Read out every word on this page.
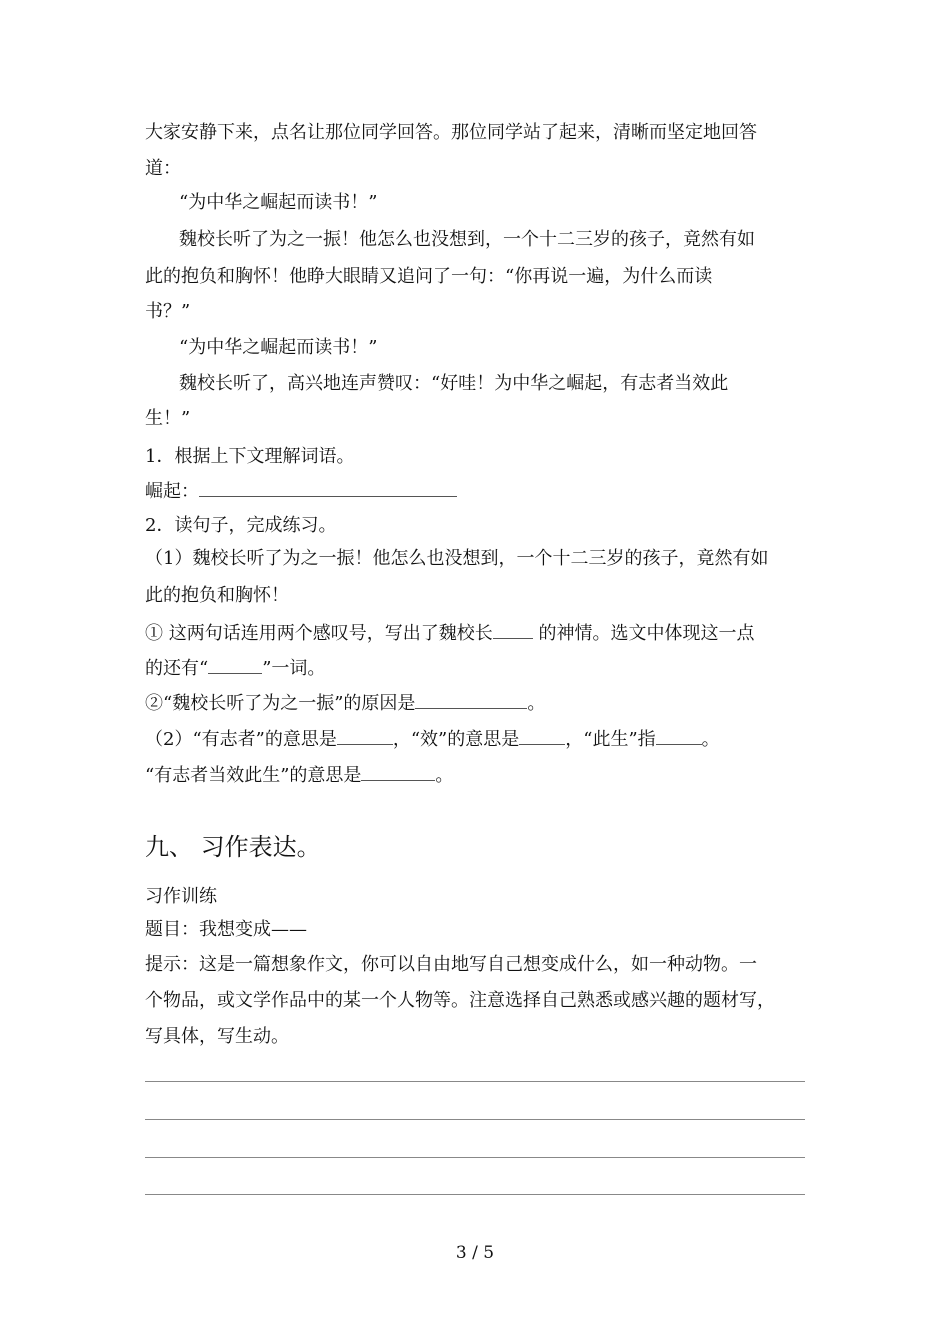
大家安静下来，点名让那位同学回答。那位同学站了起来，清晰而坚定地回答
道：
“为中华之崛起而读书！”
魏校长听了为之一振！他怎么也没想到，一个十二三岁的孩子，竟然有如
此的抱负和胸怀！他睁大眼睛又追问了一句：“你再说一遍，为什么而读
书？”
“为中华之崛起而读书！”
魏校长听了，高兴地连声赞叹：“好哇！为中华之崛起，有志者当效此
生！”
1．根据上下文理解词语。
崛起：
2．读句子，完成练习。
（1）魏校长听了为之一振！他怎么也没想到，一个十二三岁的孩子，竟然有如
此的抱负和胸怀！
① 这两句话连用两个感叹号，写出了魏校长 的神情。选文中体现这一点
的还有“	”一词。
②“魏校长听了为之一振”的原因是	。
（2）“有志者”的意思是	，“效”的意思是	，“此生”指	。
“有志者当效此生”的意思是	。
九、 习作表达。
习作训练
题目：我想变成——
提示：这是一篇想象作文，你可以自由地写自己想变成什么，如一种动物。一
个物品，或文学作品中的某一个人物等。注意选择自己熟悉或感兴趣的题材写，
写具体，写生动。
3 / 5
